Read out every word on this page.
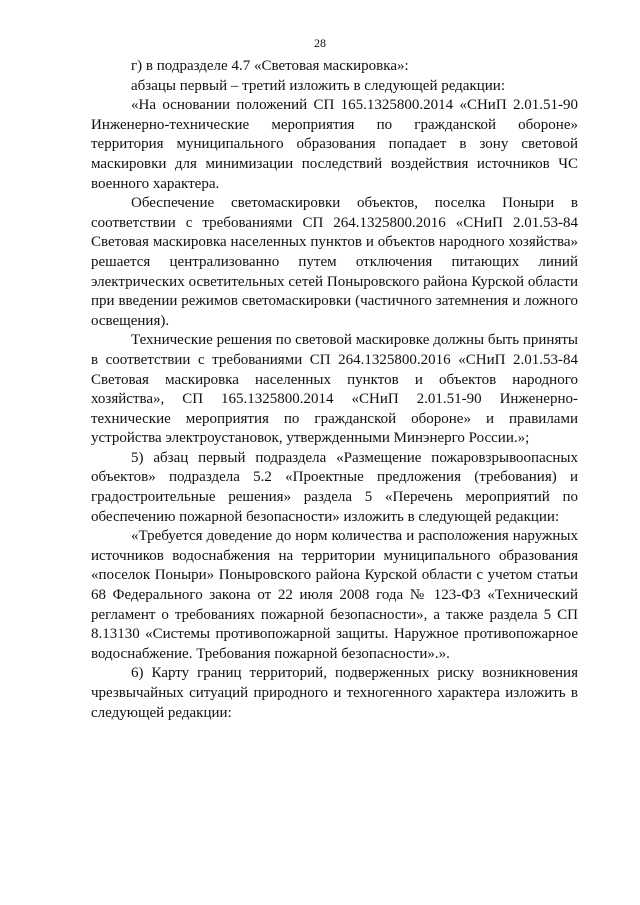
28

г) в подразделе 4.7 «Световая маскировка»:

абзацы первый – третий изложить в следующей редакции:

«На основании положений СП 165.1325800.2014 «СНиП 2.01.51-90 Инженерно-технические мероприятия по гражданской обороне» территория муниципального образования попадает в зону световой маскировки для минимизации последствий воздействия источников ЧС военного характера.

Обеспечение светомаскировки объектов, поселка Поныри в соответствии с требованиями СП 264.1325800.2016 «СНиП 2.01.53-84 Световая маскировка населенных пунктов и объектов народного хозяйства» решается централизованно путем отключения питающих линий электрических осветительных сетей Поныровского района Курской области при введении режимов светомаскировки (частичного затемнения и ложного освещения).

Технические решения по световой маскировке должны быть приняты в соответствии с требованиями СП 264.1325800.2016 «СНиП 2.01.53-84 Световая маскировка населенных пунктов и объектов народного хозяйства», СП 165.1325800.2014 «СНиП 2.01.51-90 Инженерно-технические мероприятия по гражданской обороне» и правилами устройства электроустановок, утвержденными Минэнерго России.»;

5) абзац первый подраздела «Размещение пожаровзрывоопасных объектов» подраздела 5.2 «Проектные предложения (требования) и градостроительные решения» раздела 5 «Перечень мероприятий по обеспечению пожарной безопасности» изложить в следующей редакции:

«Требуется доведение до норм количества и расположения наружных источников водоснабжения на территории муниципального образования «поселок Поныри» Поныровского района Курской области с учетом статьи 68 Федерального закона от 22 июля 2008 года № 123-ФЗ «Технический регламент о требованиях пожарной безопасности», а также раздела 5 СП 8.13130 «Системы противопожарной защиты. Наружное противопожарное водоснабжение. Требования пожарной безопасности».».

6) Карту границ территорий, подверженных риску возникновения чрезвычайных ситуаций природного и техногенного характера изложить в следующей редакции:
